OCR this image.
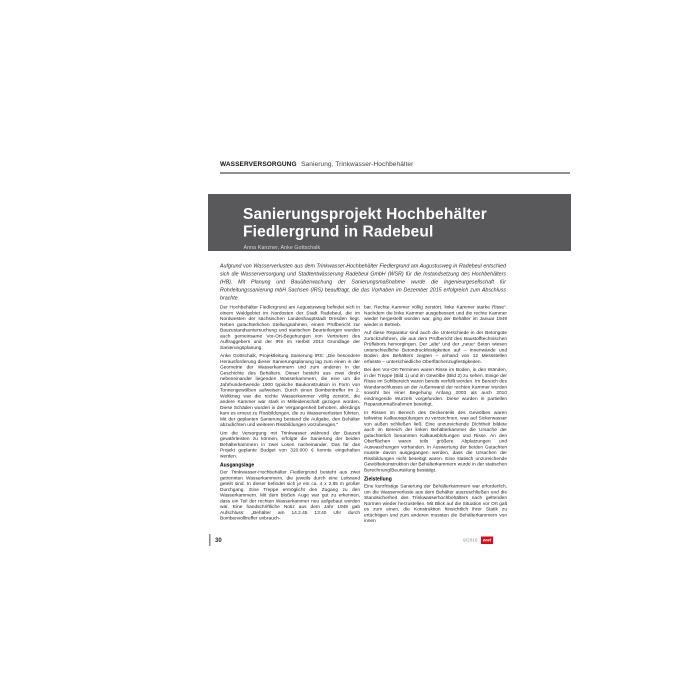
WASSERVERSORGUNG Sanierung, Trinkwasser-Hochbehälter
Sanierungsprojekt Hochbehälter
Fiedlergrund in Radebeul
Anna Kanzner, Anke Gottschalk
Aufgrund von Wasserverlusten aus dem Trinkwasser-Hochbehälter Fiedlergrund am Augustusweg in Radebeul entschied sich die Wasserversorgung und Stadtentwässerung Radebeul GmbH (WSR) für die Instandsetzung des Hochbehälters (HB). Mit Planung und Bauüberwachung der Sanierungsmaßnahme wurde die Ingenieurgesellschaft für Rohrleitungssanierung mbH Sachsen (IRS) beauftragt, die das Vorhaben im Dezember 2015 erfolgreich zum Abschluss brachte.

Der Hochbehälter Fiedlergrund am Augustusweg befindet sich in einem Waldgebiet im Nordosten der Stadt Radebeul, die im Nordwesten der sächsischen Landeshauptstadt Dresden liegt. Neben gutachterlichen Stellungnahmen, einem Prüfbericht zur Bauzustandsuntersuchung und statischen Beurteilungen wurden auch gemeinsame Vor-Ort-Begehungen von Vertretern des Auftraggebers und der IRS im Herbst 2013 Grundlage der Sanierungsplanung.

Anke Gottschalk, Projektleitung Sanierung IRS: „Die besondere Herausforderung dieser Sanierungsplanung lag zum einen in der Geometrie der Wasserkammern und zum anderen in der Geschichte des Behälters. Dieser besteht aus zwei direkt nebeneinander liegenden Wasserkammern, die eine um die Jahrhundertwende 1900 typische Baukonstruktion in Form von Tonnengewölben aufweisen. Durch einen Bombentreffer im 2. Weltkrieg war die rechte Wasserkammer völlig zerstört, die andere Kammer war stark in Mitleidenschaft gezogen worden. Diese Schäden wurden in der Vergangenheit behoben, allerdings kam es erneut zu Rissbildungen, die zu Wasserverlusten führten. Mit der geplanten Sanierung bestand die Aufgabe, den Behälter abzudichten und weiteren Rissbildungen vorzubeugen.“

Um die Versorgung mit Trinkwasser während der Bauzeit gewährleisten zu können, erfolgte die Sanierung der beiden Behälterkammern in zwei Losen nacheinander. Das für das Projekt geplante Budget von 320.000 € konnte eingehalten werden.

Ausgangslage

Der Trinkwasser-Hochbehälter Fiedlergrund besteht aus zwei getrennten Wasserkammern, die jeweils durch eine Leitwand geteilt sind. In dieser befindet sich je ein ca. 4 x 2,85 m großer Durchgang. Eine Treppe ermöglicht den Zugang zu den Wasserkammern. Mit dem bloßen Auge war gut zu erkennen, dass ein Teil der rechten Wasserkammer neu aufgebaut worden war. Eine handschriftliche Notiz aus dem Jahr 1949 gab Aufschluss: „Behälter am 14.2.45 13:40 Uhr durch Bombenvolltreffer unbrauch-

bar. Rechte Kammer völlig zerstört, linke Kammer starke Risse“. Nachdem die linke Kammer ausgebessert und die rechte Kammer wieder hergestellt worden war, ging der Behälter im Januar 1949 wieder in Betrieb.

Auf diese Reparatur sind auch die Unterschiede in der Betongüte zurückzuführen, die aus dem Prüfbericht des Baustofftechnischen Prüflabors hervorgingen. Der „alte“ und der „neue“ Beton wiesen unterschiedliche Betondruckfestigkeiten auf – Innenwände und Boden des Behälters zeigten – anhand von 12 Messstellen erfasste – unterschiedliche Oberflächenzugfestigkeiten.

Bei den Vor-Ort-Terminen waren Risse im Boden, in den Wänden, in der Treppe (Bild 1) und im Gewölbe (Bild 2) zu sehen. Einige der Risse im Sohlbereich waren bereits verfüllt worden. Im Bereich des Wandanschlusses an der Außenwand der rechten Kammer wurden sowohl bei einer Begehung Anfang 2003 als auch 2010 eindringende Wurzeln vorgefunden. Diese wurden in partiellen Reparaturmaßnahmen beseitigt.

In Rissen im Bereich des Deckenteils des Gewölbes waren teilweise Kalkausspülungen zu verzeichnen, was auf Sickerwasser von außen schließen ließ. Eine unzureichende Dichtheit bildete auch im Bereich der linken Behälterkammer die Ursache der gutachterlich benannten Kalkausblühungen und Risse. An den Oberflächen waren teils größere Abplatzungen und Auswaschungen vorhanden. In Auswertung der beiden Gutachten musste davon ausgegangen werden, dass die Ursachen der Rissbildungen nicht beseitigt waren. Eine statisch unzureichende Gewölbekonstruktion der Behälterkammern wurde in der statischen Berechnung/Beurteilung bestätigt.

Zielstellung

Eine kurzfristige Sanierung der Behälterkammern war erforderlich, um die Wasserverluste aus dem Behälter auszuschließen und die Standsicherheit des Trinkwasserhochbehälters nach geltenden Normen wieder herzustellen. Mit Blick auf die Situation vor Ort galt es zum einen, die Konstruktion hinsichtlich ihrer Statik zu ertüchtigen und zum anderen mussten die Behälterkammern von innen

30	9/2016 wwt
